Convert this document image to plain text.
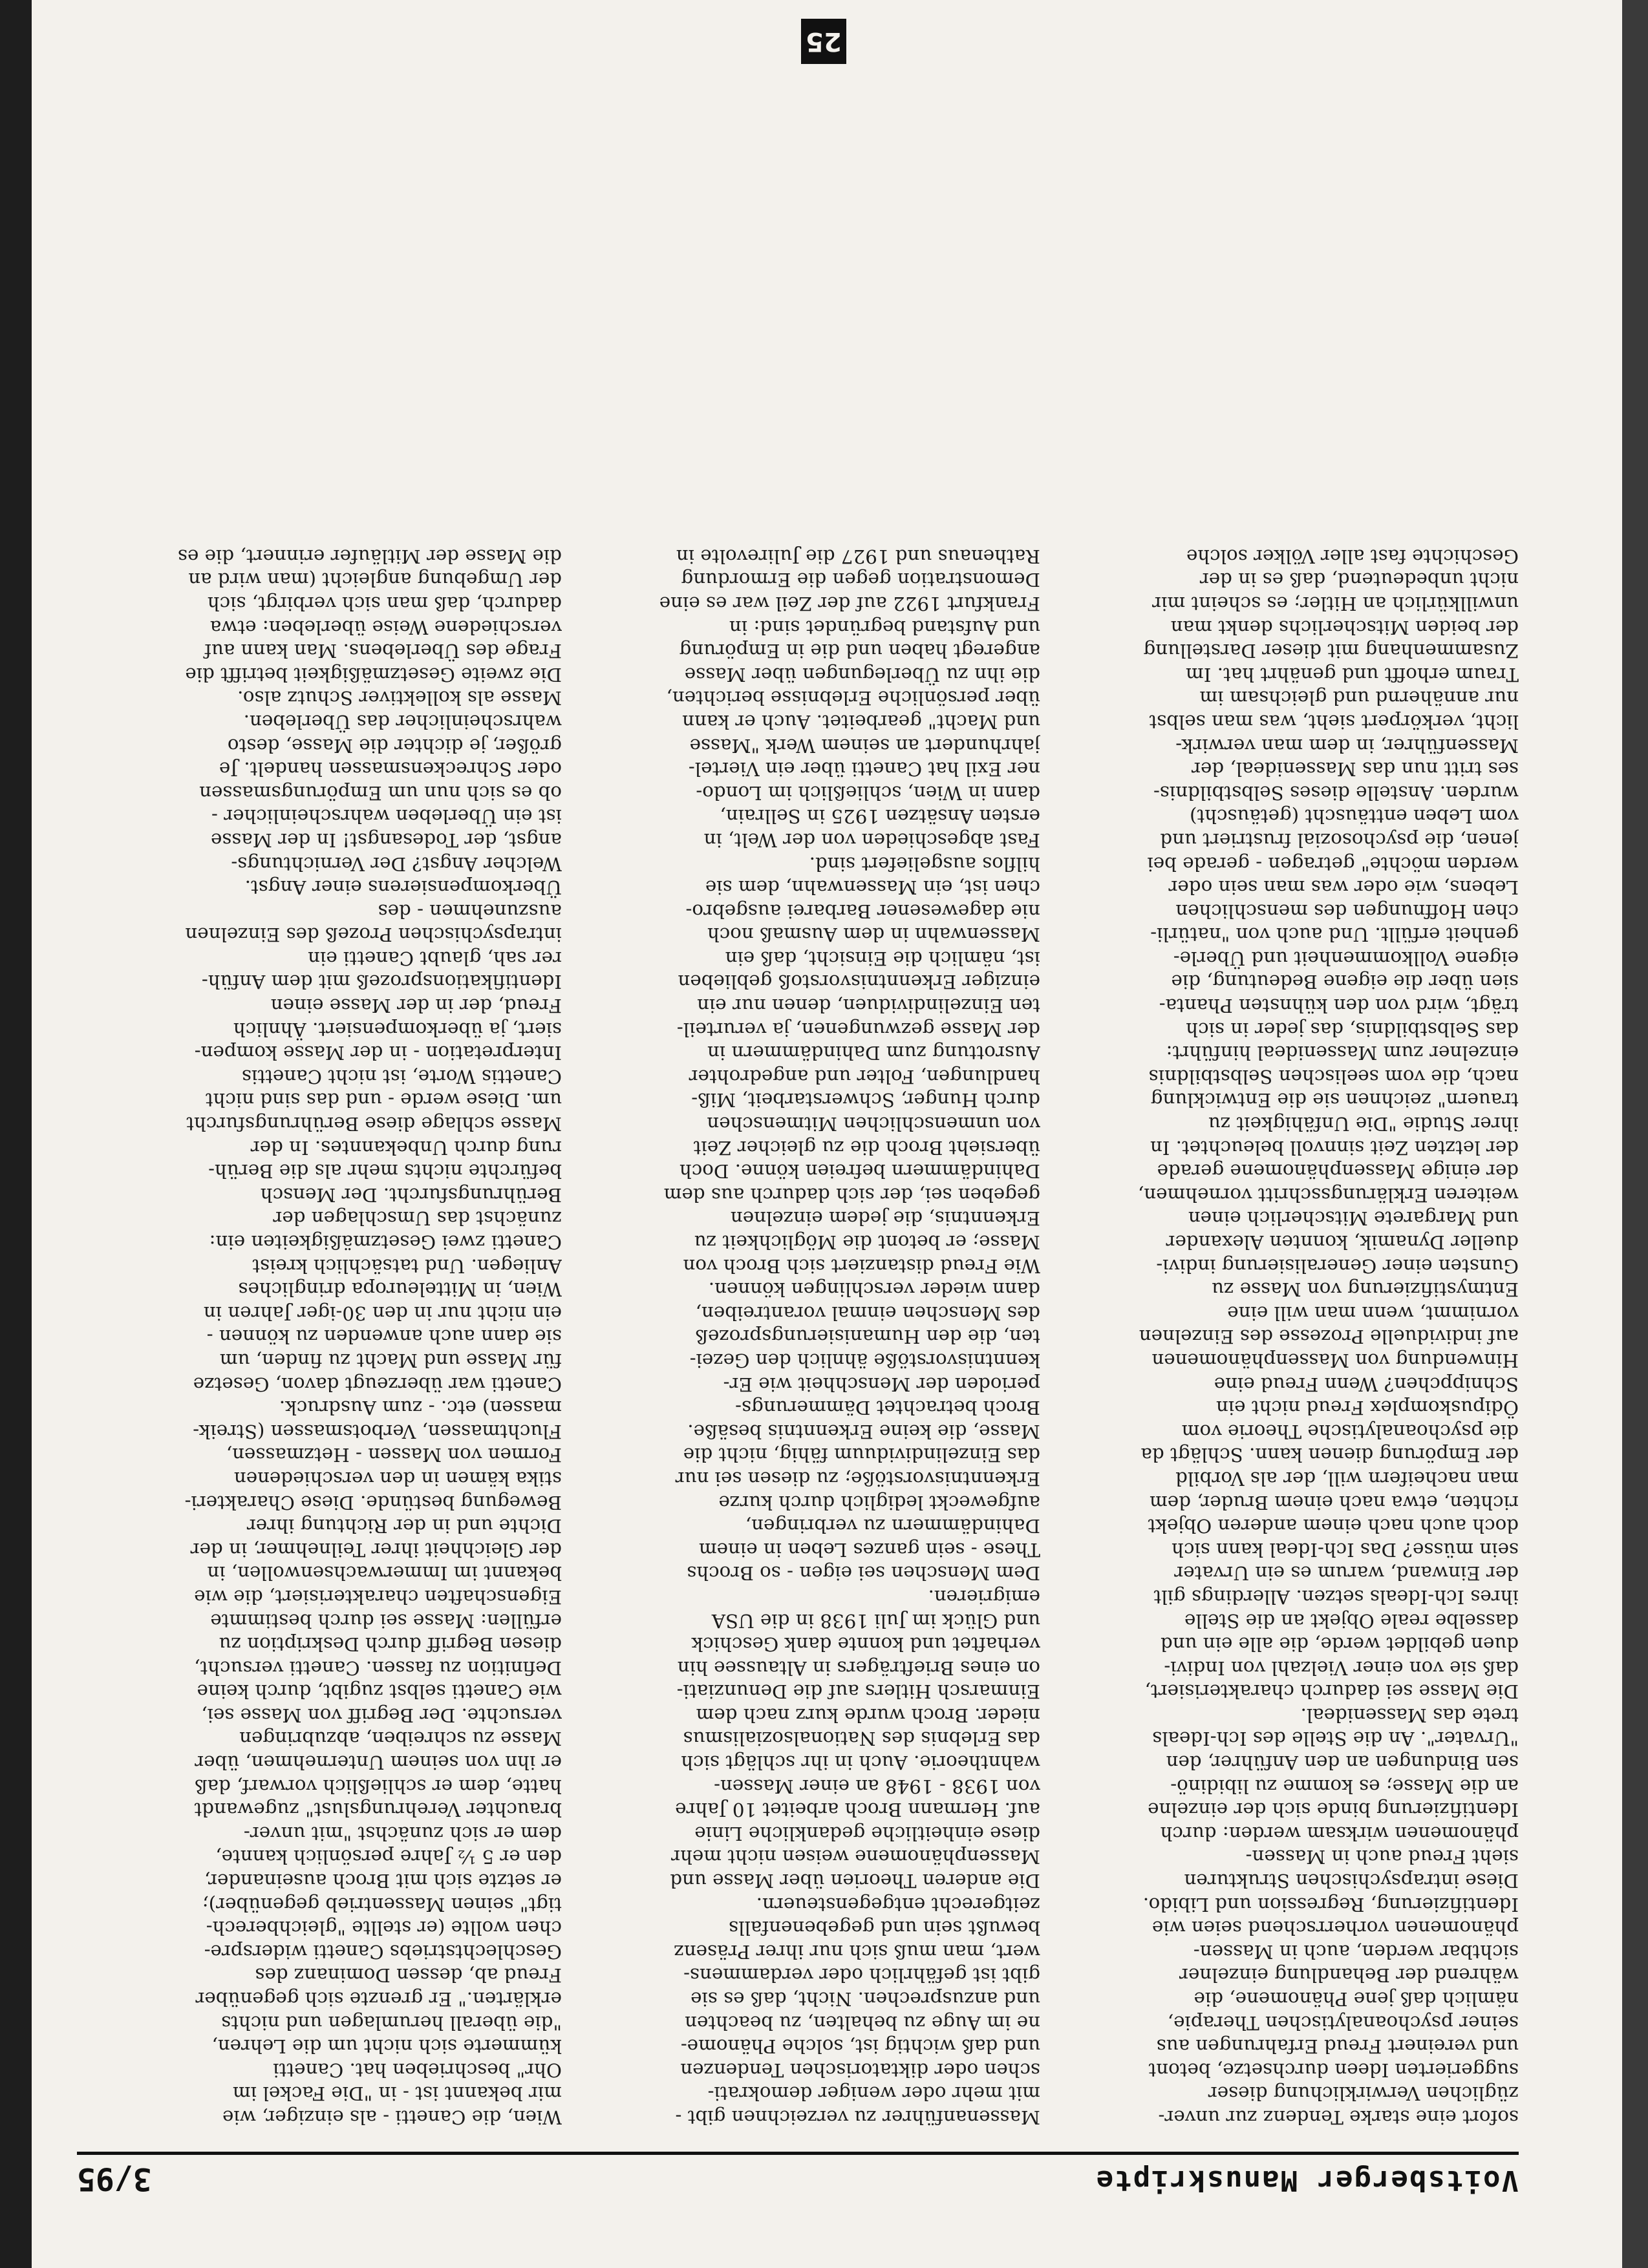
Voitsberger Manuskripte
3/95
sofort eine starke Tendenz zur unver-
züglichen Verwirklichung dieser
suggerierten Ideen durchsetze, betont
und vereinert Freud Erfahrungen aus
seiner psychoanalytischen Therapie,
nämlich daß jene Phänomene, die
während der Behandlung einzelner
sichtbar werden, auch in Massen-
phänomenen vorherrschend seien wie
Identifizierung, Regression und Libido.
Diese intrapsychischen Strukturen
sieht Freud auch in Massen-
phänomenen wirksam werden: durch
Identifizierung binde sich der einzelne
an die Masse; es komme zu libidinö-
sen Bindungen an den Anführer, den
"Urvater". An die Stelle des Ich-Ideals
trete das Massenideal.
Die Masse sei dadurch charakterisiert,
daß sie von einer Vielzahl von Indivi-
duen gebildet werde, die alle ein und
dasselbe reale Objekt an die Stelle
ihres Ich-Ideals setzen. Allerdings gilt
der Einwand, warum es ein Urvater
sein müsse? Das Ich-Ideal kann sich
doch auch nach einem anderen Objekt
richten, etwa nach einem Bruder, dem
man nacheifern will, der als Vorbild
der Empörung dienen kann. Schlägt da
die psychoanalytische Theorie vom
Ödipuskomplex Freud nicht ein
Schnippchen? Wenn Freud eine
Hinwendung von Massenphänomenen
auf individuelle Prozesse des Einzelnen
vornimmt, wenn man will eine
Entmystifizierung von Masse zu
Gunsten einer Generalisierung indivi-
dueller Dynamik, konnten Alexander
und Margarete Mitscherlich einen
weiteren Erklärungsschritt vornehmen,
der einige Massenphänomene gerade
der letzten Zeit sinnvoll beleuchtet. In
ihrer Studie "Die Unfähigkeit zu
trauern" zeichnen sie die Entwicklung
nach, die vom seelischen Selbstbildnis
einzelner zum Massenideal hinführt:
das Selbstbildnis, das jeder in sich
trägt, wird von den kühnsten Phanta-
sien über die eigene Bedeutung, die
eigene Vollkommenheit und Überle-
genheit erfüllt. Und auch von "natürli-
chen Hoffnungen des menschlichen
Lebens, wie oder was man sein oder
werden möchte" getragen - gerade bei
jenen, die psychosozial frustriert und
vom Leben enttäuscht (getäuscht)
wurden. Anstelle dieses Selbstbildnis-
ses tritt nun das Massenideal, der
Massenführer, in dem man verwirk-
licht, verkörpert sieht, was man selbst
nur annähernd und gleichsam im
Traum erhofft und genährt hat. Im
Zusammenhang mit dieser Darstellung
der beiden Mitscherlichs denkt man
unwillkürlich an Hitler; es scheint mir
nicht unbedeutend, daß es in der
Geschichte fast aller Völker solche
Massenanführer zu verzeichnen gibt -
mit mehr oder weniger demokrati-
schen oder diktatorischen Tendenzen
und daß wichtig ist, solche Phänome-
ne im Auge zu behalten, zu beachten
und anzusprechen. Nicht, daß es sie
gibt ist gefährlich oder verdammens-
wert, man muß sich nur ihrer Präsenz
bewußt sein und gegebenenfalls
zeitgerecht entgegensteuern.
Die anderen Theorien über Masse und
Massenphänomene weisen nicht mehr
diese einheitliche gedankliche Linie
auf. Hermann Broch arbeitet 10 Jahre
von 1938 - 1948 an einer Massen-
wahntheorie. Auch in ihr schlägt sich
das Erlebnis des Nationalsozialismus
nieder. Broch wurde kurz nach dem
Einmarsch Hitlers auf die Denunziati-
on eines Briefträgers in Altaussee hin
verhaftet und konnte dank Geschick
und Glück im Juli 1938 in die USA
emigrieren.
Dem Menschen sei eigen - so Brochs
These - sein ganzes Leben in einem
Dahindämmern zu verbringen,
aufgeweckt lediglich durch kurze
Erkenntnisvorstöße; zu diesen sei nur
das Einzelindividuum fähig, nicht die
Masse, die keine Erkenntnis besäße.
Broch betrachtet Dämmerungs-
perioden der Menschheit wie Er-
kenntnisvorstöße ähnlich den Gezei-
ten, die den Humanisierungsprozeß
des Menschen einmal vorantreiben,
dann wieder verschlingen können.
Wie Freud distanziert sich Broch von
Masse; er betont die Möglichkeit zu
Erkenntnis, die jedem einzelnen
gegeben sei, der sich dadurch aus dem
Dahindämmern befreien könne. Doch
übersieht Broch die zu gleicher Zeit
von unmenschlichen Mitmenschen
durch Hunger, Schwerstarbeit, Miß-
handlungen, Folter und angedrohter
Ausrottung zum Dahindämmern in
der Masse gezwungenen, ja verurteil-
ten Einzelindividuen, denen nur ein
einziger Erkenntnisvorstoß geblieben
ist, nämlich die Einsicht, daß ein
Massenwahn in dem Ausmaß noch
nie dagewesener Barbarei ausgebro-
chen ist, ein Massenwahn, dem sie
hilflos ausgeliefert sind.
Fast abgeschieden von der Welt, in
ersten Ansätzen 1925 in Sellrain,
dann in Wien, schließlich im Londo-
ner Exil hat Canetti über ein Viertel-
jahrhundert an seinem Werk "Masse
und Macht" gearbeitet. Auch er kann
über persönliche Erlebnisse berichten,
die ihn zu Überlegungen über Masse
angeregt haben und die in Empörung
und Aufstand begründet sind: in
Frankfurt 1922 auf der Zeil war es eine
Demonstration gegen die Ermordung
Rathenaus und 1927 die Julirevolte in
Wien, die Canetti - als einziger, wie
mir bekannt ist - in "Die Fackel im
Ohr" beschrieben hat. Canetti
kümmerte sich nicht um die Lehren,
"die überall herumlagen und nichts
erklärten." Er grenzte sich gegenüber
Freud ab, dessen Dominanz des
Geschlechtstriebs Canetti widerspre-
chen wollte (er stellte "gleichberech-
tigt" seinen Massentrieb gegenüber);
er setzte sich mit Broch auseinander,
den er 5 ½ Jahre persönlich kannte,
dem er sich zunächst "mit unver-
brauchter Verehrungslust" zugewandt
hatte, dem er schließlich vorwarf, daß
er ihn von seinem Unternehmen, über
Masse zu schreiben, abzubringen
versuchte. Der Begriff von Masse sei,
wie Canetti selbst zugibt, durch keine
Definition zu fassen. Canetti versucht,
diesen Begriff durch Deskription zu
erfüllen: Masse sei durch bestimmte
Eigenschaften charakterisiert, die wie
bekannt im Immerwachsenwollen, in
der Gleichheit ihrer Teilnehmer, in der
Dichte und in der Richtung ihrer
Bewegung bestünde. Diese Charakteri-
stika kämen in den verschiedenen
Formen von Massen - Hetzmassen,
Fluchtmassen, Verbotsmassen (Streik-
massen) etc. - zum Ausdruck.
Canetti war überzeugt davon, Gesetze
für Masse und Macht zu finden, um
sie dann auch anwenden zu können -
ein nicht nur in den 30-iger Jahren in
Wien, in Mitteleuropa dringliches
Anliegen. Und tatsächlich kreist
Canetti zwei Gesetzmäßigkeiten ein:
zunächst das Umschlagen der
Berührungsfurcht. Der Mensch
befürchte nichts mehr als die Berüh-
rung durch Unbekanntes. In der
Masse schlage diese Berührungsfurcht
um. Diese werde - und das sind nicht
Canettis Worte, ist nicht Canettis
Interpretation - in der Masse kompen-
siert, ja überkompensiert. Ähnlich
Freud, der in der Masse einen
Identifikationsprozeß mit dem Anfüh-
rer sah, glaubt Canetti ein
intrapsychischen Prozeß des Einzelnen
auszunehmen - des
Überkompensierens einer Angst.
Welcher Angst? Der Vernichtungs-
angst, der Todesangst! In der Masse
ist ein Überleben wahrscheinlicher -
ob es sich nun um Empörungsmassen
oder Schreckensmassen handelt. Je
größer, je dichter die Masse, desto
wahrscheinlicher das Überleben.
Masse als kollektiver Schutz also.
Die zweite Gesetzmäßigkeit betrifft die
Frage des Überlebens. Man kann auf
verschiedene Weise überleben: etwa
dadurch, daß man sich verbirgt, sich
der Umgebung angleicht (man wird an
die Masse der Mitläufer erinnert, die es
25
